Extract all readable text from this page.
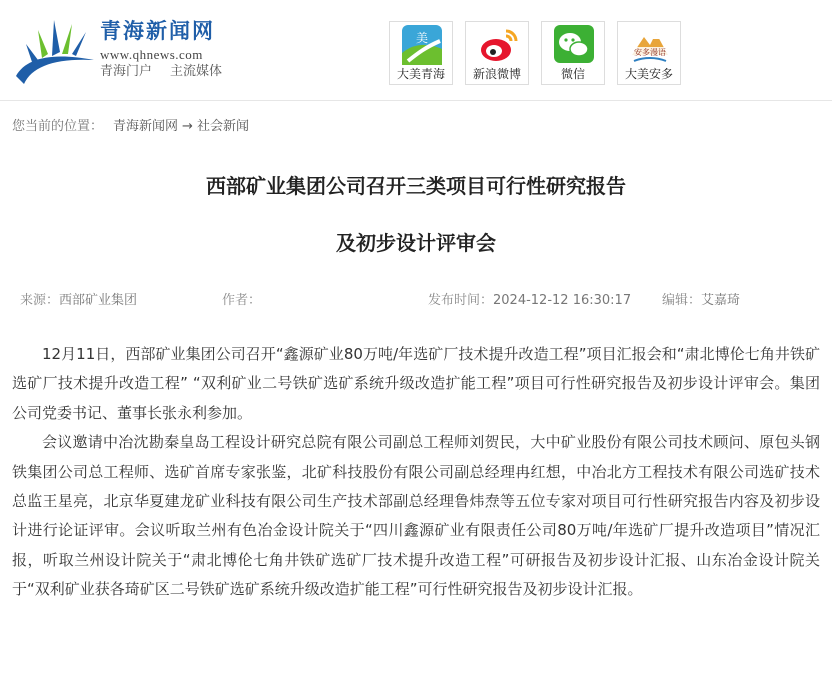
青海新闻网
www.qhnews.com
青海门户 主流媒体
美
大美青海	新浪微博	微信
安多漫语
大美安多
您当前的位置： 青海新闻网 → 社会新闻
西部矿业集团公司召开三类项目可行性研究报告
及初步设计评审会
来源：西部矿业集团	作者：	发布时间：2024-12-12 16:30:17 编辑：艾嘉琦

12月11日，西部矿业集团公司召开“鑫源矿业80万吨/年选矿厂技术提升改造工程”项目汇报会和“肃北博伦七角井铁矿选矿厂技术提升改造工程” “双利矿业二号铁矿选矿系统升级改造扩能工程”项目可行性研究报告及初步设计评审会。集团公司党委书记、董事长张永利参加。

会议邀请中冶沈勘秦皇岛工程设计研究总院有限公司副总工程师刘贺民，大中矿业股份有限公司技术顾问、原包头钢铁集团公司总工程师、选矿首席专家张鉴，北矿科技股份有限公司副总经理冉红想，中冶北方工程技术有限公司选矿技术总监王星亮，北京华夏建龙矿业科技有限公司生产技术部副总经理鲁炜焘等五位专家对项目可行性研究报告内容及初步设计进行论证评审。会议听取兰州有色冶金设计院关于“四川鑫源矿业有限责任公司80万吨/年选矿厂提升改造项目”情况汇报，听取兰州设计院关于“肃北博伦七角井铁矿选矿厂技术提升改造工程”可研报告及初步设计汇报、山东冶金设计院关于“双利矿业获各琦矿区二号铁矿选矿系统升级改造扩能工程”可行性研究报告及初步设计汇报。
